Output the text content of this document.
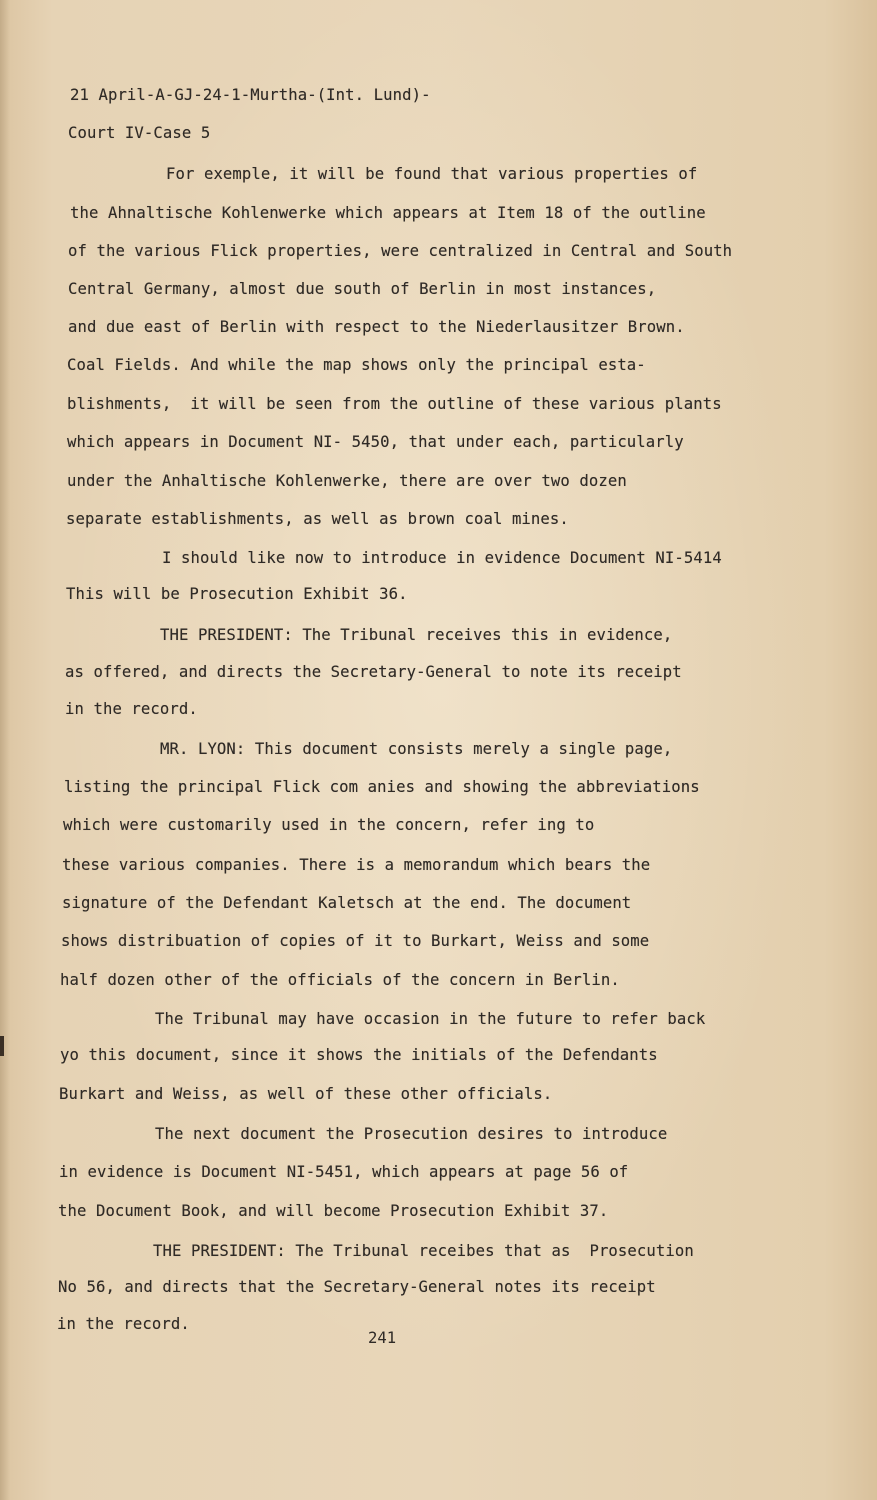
21 April-A-GJ-24-1-Murtha-(Int. Lund)-
Court IV-Case 5
For exemple, it will be found that various properties of
the Ahnaltische Kohlenwerke which appears at Item 18 of the outline
of the various Flick properties, were centralized in Central and South
Central Germany, almost due south of Berlin in most instances,
and due east of Berlin with respect to the Niederlausitzer Brown.
Coal Fields. And while the map shows only the principal esta-
blishments,  it will be seen from the outline of these various plants
which appears in Document NI- 5450, that under each, particularly
under the Anhaltische Kohlenwerke, there are over two dozen
separate establishments, as well as brown coal mines.
I should like now to introduce in evidence Document NI-5414
This will be Prosecution Exhibit 36.
THE PRESIDENT: The Tribunal receives this in evidence,
as offered, and directs the Secretary-General to note its receipt
in the record.
MR. LYON: This document consists merely a single page,
listing the principal Flick com anies and showing the abbreviations
which were customarily used in the concern, refer ing to
these various companies. There is a memorandum which bears the
signature of the Defendant Kaletsch at the end. The document
shows distribuation of copies of it to Burkart, Weiss and some
half dozen other of the officials of the concern in Berlin.
The Tribunal may have occasion in the future to refer back
yo this document, since it shows the initials of the Defendants
Burkart and Weiss, as well of these other officials.
The next document the Prosecution desires to introduce
in evidence is Document NI-5451, which appears at page 56 of
the Document Book, and will become Prosecution Exhibit 37.
THE PRESIDENT: The Tribunal receibes that as  Prosecution
No 56, and directs that the Secretary-General notes its receipt
in the record.
241
